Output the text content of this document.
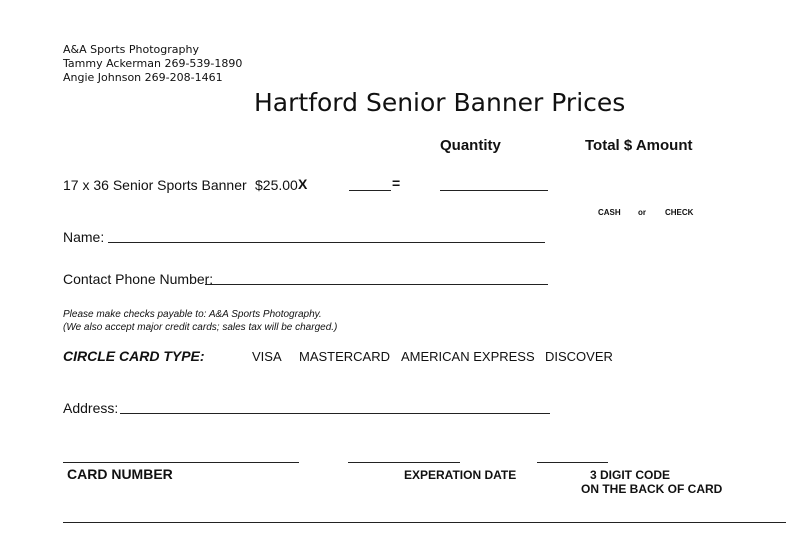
A&A Sports Photography
Tammy Ackerman 269-539-1890
Angie Johnson 269-208-1461
Hartford Senior Banner Prices
Quantity	Total $ Amount
17 x 36 Senior Sports Banner $25.00 X	=
CASH or CHECK
Name:
Contact Phone Number:
Please make checks payable to: A&A Sports Photography.
(We also accept major credit cards; sales tax will be charged.)
CIRCLE CARD TYPE:	VISA MASTERCARD AMERICAN EXPRESS DISCOVER
Address:
CARD NUMBER	EXPERATION DATE	3 DIGIT CODE
ON THE BACK OF CARD
